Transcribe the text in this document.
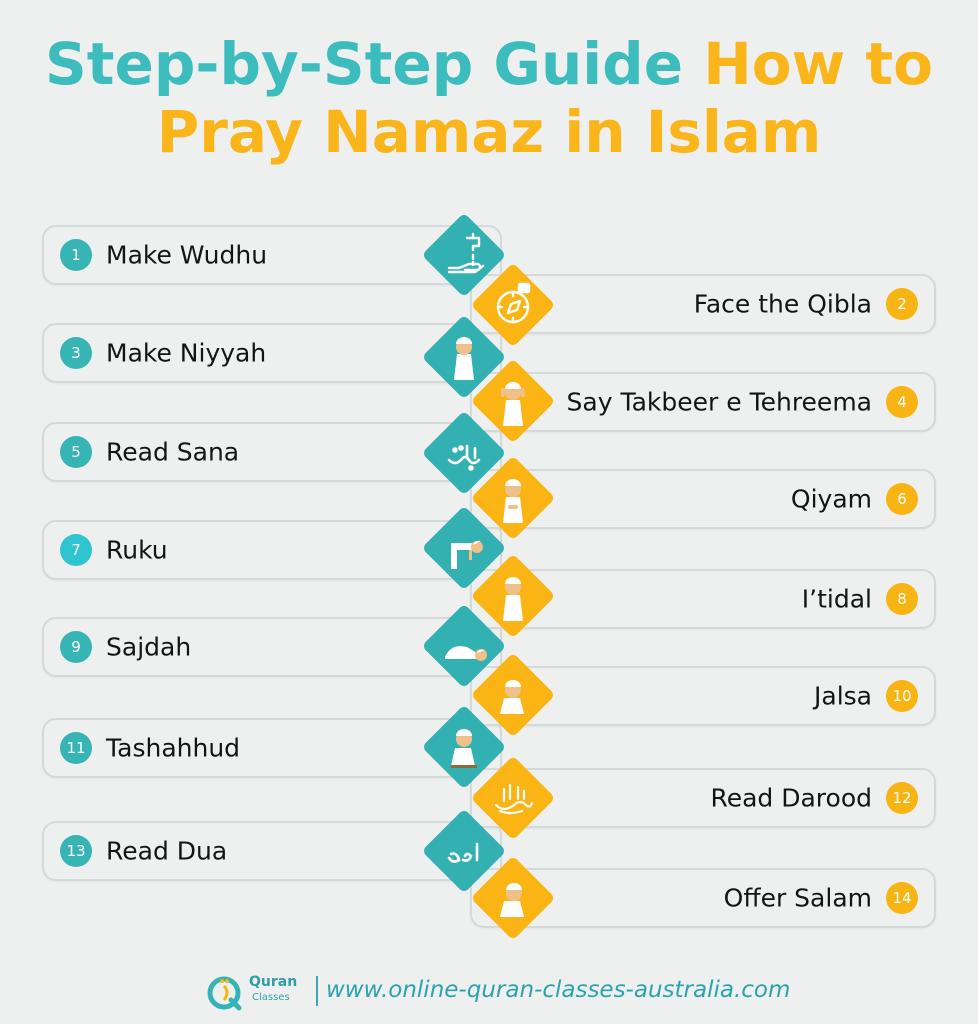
Step-by-Step Guide How to
Pray Namaz in Islam
1	Make Wudhu
3	Make Niyyah
5	Read Sana
7	Ruku
9	Sajdah
11 Tashahhud
13 Read Dua
Face the Qibla	2
Say Takbeer e Tehreema	4
Qiyam	6
I’tidal	8
Jalsa	10
Read Darood	12
Offer Salam	14
Quran
Classes www.online-quran-classes-australia.com
